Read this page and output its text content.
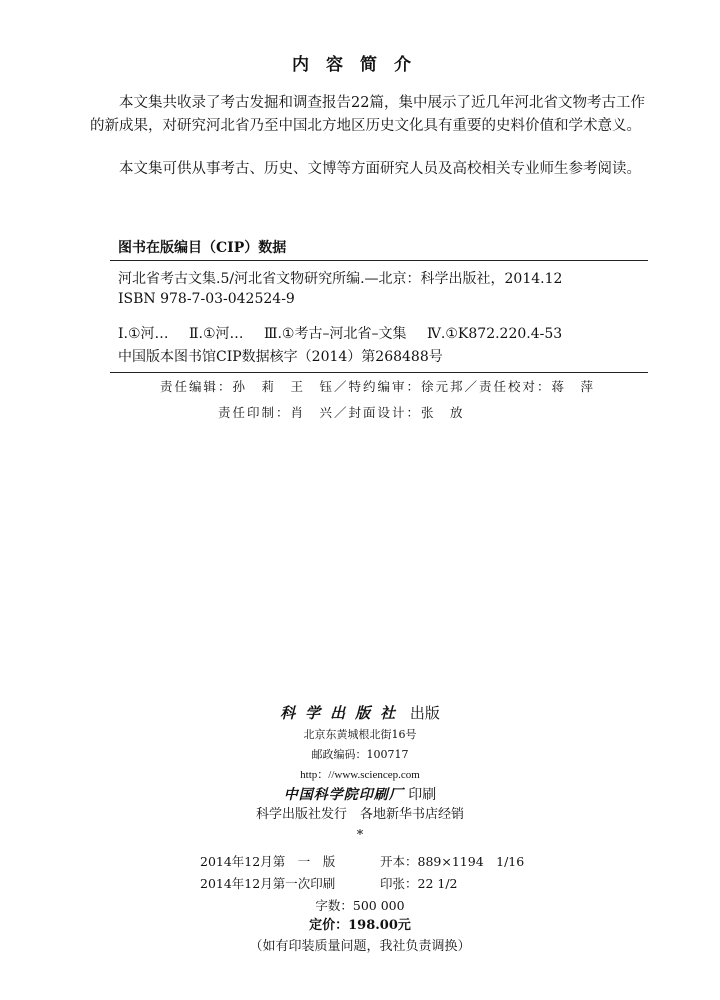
内容简介

本文集共收录了考古发掘和调查报告22篇，集中展示了近几年河北省文物考古工作的新成果，对研究河北省乃至中国北方地区历史文化具有重要的史料价值和学术意义。

本文集可供从事考古、历史、文博等方面研究人员及高校相关专业师生参考阅读。

图书在版编目（CIP）数据
河北省考古文集.5/河北省文物研究所编.—北京：科学出版社，2014.12
ISBN 978-7-03-042524-9
Ⅰ.①河… Ⅱ.①河… Ⅲ.①考古–河北省–文集 Ⅳ.①K872.220.4-53
中国版本图书馆CIP数据核字（2014）第268488号
责任编辑：孙　莉　王　钰／特约编审：徐元邦／责任校对：蒋　萍
责任印制：肖　兴／封面设计：张　放
科学出版社 出版
北京东黄城根北街16号
邮政编码：100717
http：//www.sciencep.com
中国科学院印刷厂 印刷
科学出版社发行　各地新华书店经销
*
2014年12月第　一　版	开本：889×1194　1/16
2014年12月第一次印刷	印张：22 1/2
字数：500 000
定价：198.00元
（如有印装质量问题，我社负责调换）
